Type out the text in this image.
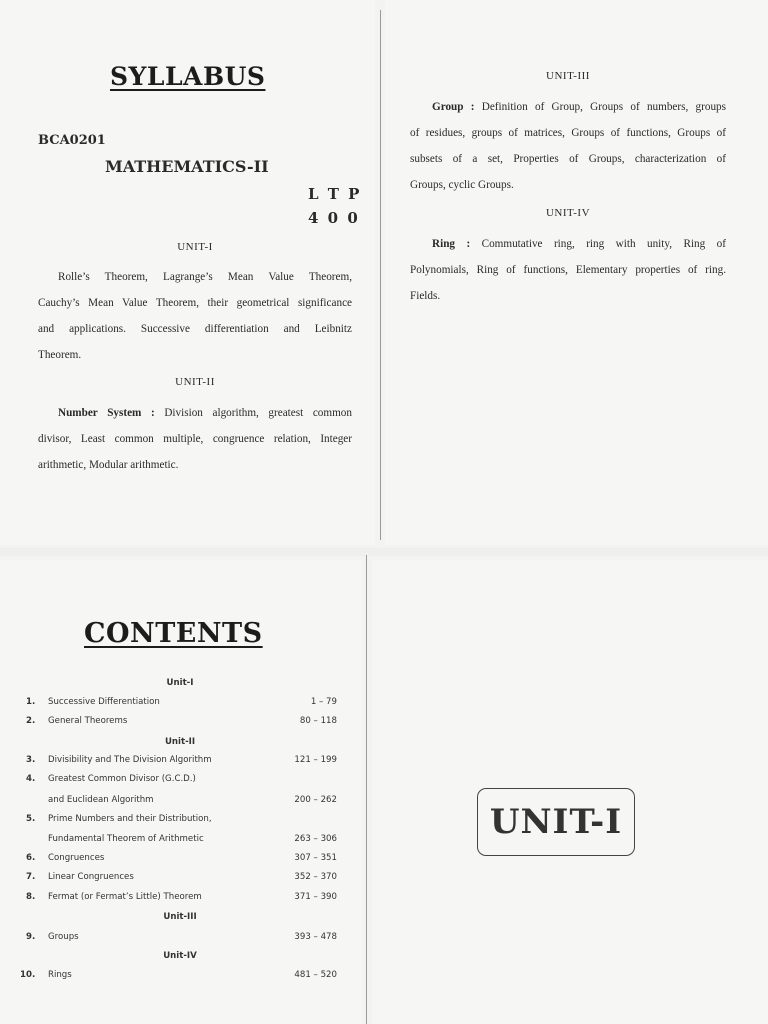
SYLLABUS
BCA0201
MATHEMATICS-II
L T P
4 0 0
UNIT-I
Rolle’s Theorem, Lagrange’s Mean Value Theorem,
Cauchy’s Mean Value Theorem, their geometrical significance
and applications. Successive differentiation and Leibnitz
Theorem.
UNIT-II
Number System : Division algorithm, greatest common
divisor, Least common multiple, congruence relation, Integer
arithmetic, Modular arithmetic.
UNIT-III
Group : Definition of Group, Groups of numbers, groups
of residues, groups of matrices, Groups of functions, Groups of
subsets of a set, Properties of Groups, characterization of
Groups, cyclic Groups.
UNIT-IV
Ring : Commutative ring, ring with unity, Ring of
Polynomials, Ring of functions, Elementary properties of ring.
Fields.
CONTENTS
Unit-I
1. Successive Differentiation	1 – 79
2. General Theorems	80 – 118
Unit-II
3. Divisibility and The Division Algorithm	121 – 199
4. Greatest Common Divisor (G.C.D.)
and Euclidean Algorithm	200 – 262
5. Prime Numbers and their Distribution,
Fundamental Theorem of Arithmetic	263 – 306
6. Congruences	307 – 351
7. Linear Congruences	352 – 370
8. Fermat (or Fermat’s Little) Theorem	371 – 390
Unit-III
9. Groups	393 – 478
Unit-IV
10. Rings	481 – 520
UNIT-I
